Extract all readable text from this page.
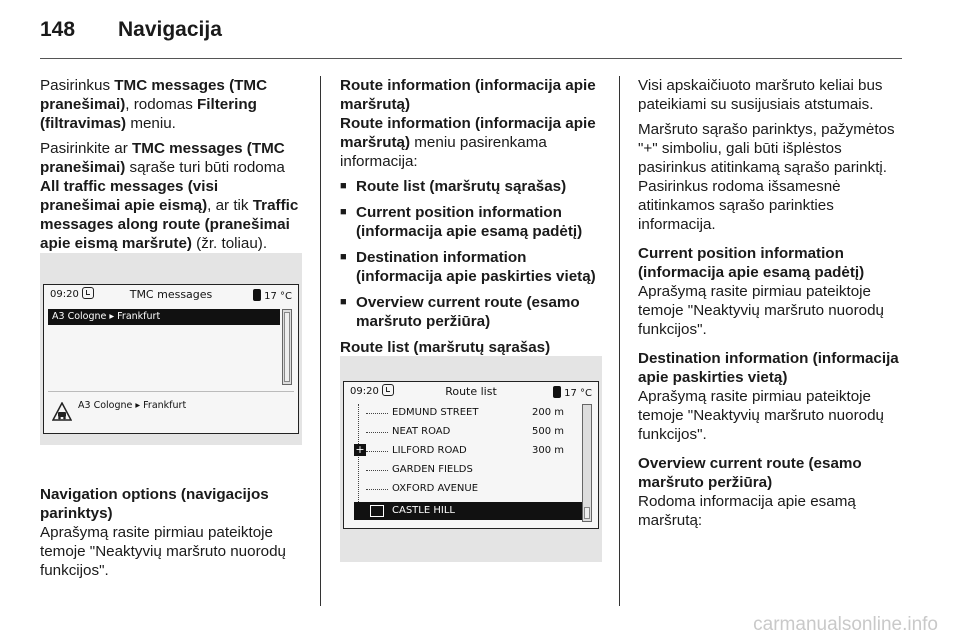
148 Navigacija

Pasirinkus TMC messages (TMC pranešimai), rodomas Filtering (filtravimas) meniu.

Pasirinkite ar TMC messages (TMC pranešimai) sąraše turi būti rodoma All traffic messages (visi pranešimai apie eismą), ar tik Traffic messages along route (pranešimai apie eismą maršrute) (žr. toliau).

09:20	TMC messages	17 °C
A3 Cologne ▸ Frankfurt
A3 Cologne ▸ Frankfurt
Navigation options (navigacijos parinktys)

Aprašymą rasite pirmiau pateiktoje temoje "Neaktyvių maršruto nuorodų funkcijos".

Route information (informacija apie maršrutą)

Route information (informacija apie maršrutą) meniu pasirenkama informacija:

■ Route list (maršrutų sąrašas)
■ Current position information (informacija apie esamą padėtį)
■ Destination information (informacija apie paskirties vietą)
■ Overview current route (esamo maršruto peržiūra)
Route list (maršrutų sąrašas)
09:20	Route list	17 °C
EDMUND STREET	200 m
NEAT ROAD	500 m
+	LILFORD ROAD	300 m
GARDEN FIELDS
OXFORD AVENUE
CASTLE HILL

Visi apskaičiuoto maršruto keliai bus pateikiami su susijusiais atstumais.

Maršruto sąrašo parinktys, pažymėtos "+" simboliu, gali būti išplėstos pasirinkus atitinkamą sąrašo parinktį. Pasirinkus rodoma išsamesnė atitinkamos sąrašo parinkties informacija.

Current position information (informacija apie esamą padėtį)

Aprašymą rasite pirmiau pateiktoje temoje "Neaktyvių maršruto nuorodų funkcijos".

Destination information (informacija apie paskirties vietą)

Aprašymą rasite pirmiau pateiktoje temoje "Neaktyvių maršruto nuorodų funkcijos".

Overview current route (esamo maršruto peržiūra)

Rodoma informacija apie esamą maršrutą:

carmanualsonline.info
